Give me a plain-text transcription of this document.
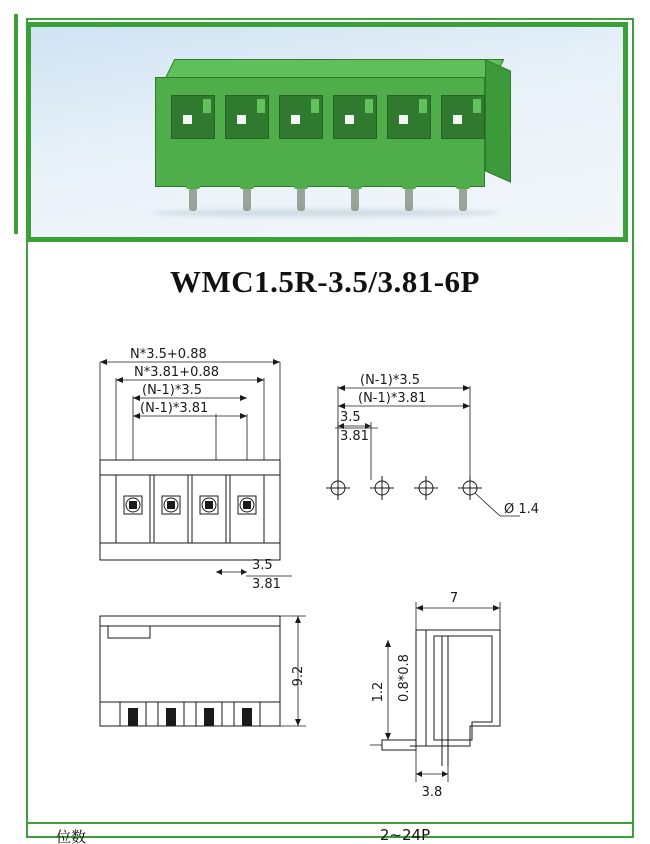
WMC1.5R-3.5/3.81-6P
N*3.5+0.88
N*3.81+0.88
(N-1)*3.5
(N-1)*3.81
3.5
3.81
(N-1)*3.5
(N-1)*3.81
3.5
3.81
Ø 1.4
9.2
7
0.8*0.8
1.2
3.8
位数	2~24P
